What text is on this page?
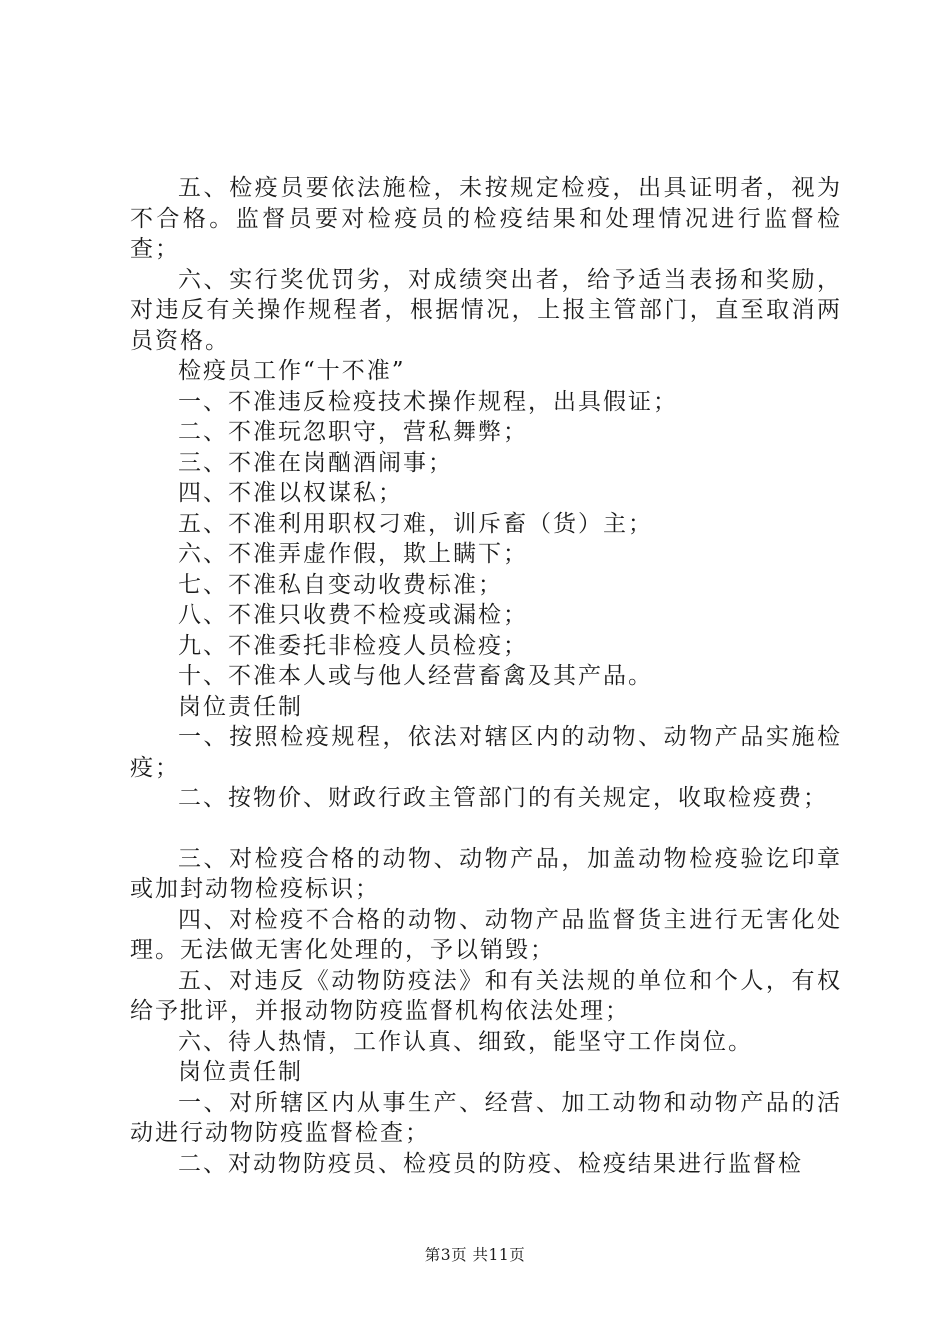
五、检疫员要依法施检，未按规定检疫，出具证明者，视为不合格。监督员要对检疫员的检疫结果和处理情况进行监督检查；

六、实行奖优罚劣，对成绩突出者，给予适当表扬和奖励，对违反有关操作规程者，根据情况，上报主管部门，直至取消两员资格。

检疫员工作“十不准”

一、不准违反检疫技术操作规程，出具假证；

二、不准玩忽职守，营私舞弊；

三、不准在岗酗酒闹事；

四、不准以权谋私；

五、不准利用职权刁难，训斥畜（货）主；

六、不准弄虚作假，欺上瞒下；

七、不准私自变动收费标准；

八、不准只收费不检疫或漏检；

九、不准委托非检疫人员检疫；

十、不准本人或与他人经营畜禽及其产品。

岗位责任制

一、按照检疫规程，依法对辖区内的动物、动物产品实施检疫；

二、按物价、财政行政主管部门的有关规定，收取检疫费；

三、对检疫合格的动物、动物产品，加盖动物检疫验讫印章或加封动物检疫标识；

四、对检疫不合格的动物、动物产品监督货主进行无害化处理。无法做无害化处理的，予以销毁；

五、对违反《动物防疫法》和有关法规的单位和个人，有权给予批评，并报动物防疫监督机构依法处理；

六、待人热情，工作认真、细致，能坚守工作岗位。

岗位责任制

一、对所辖区内从事生产、经营、加工动物和动物产品的活动进行动物防疫监督检查；

二、对动物防疫员、检疫员的防疫、检疫结果进行监督检

第3页 共11页
